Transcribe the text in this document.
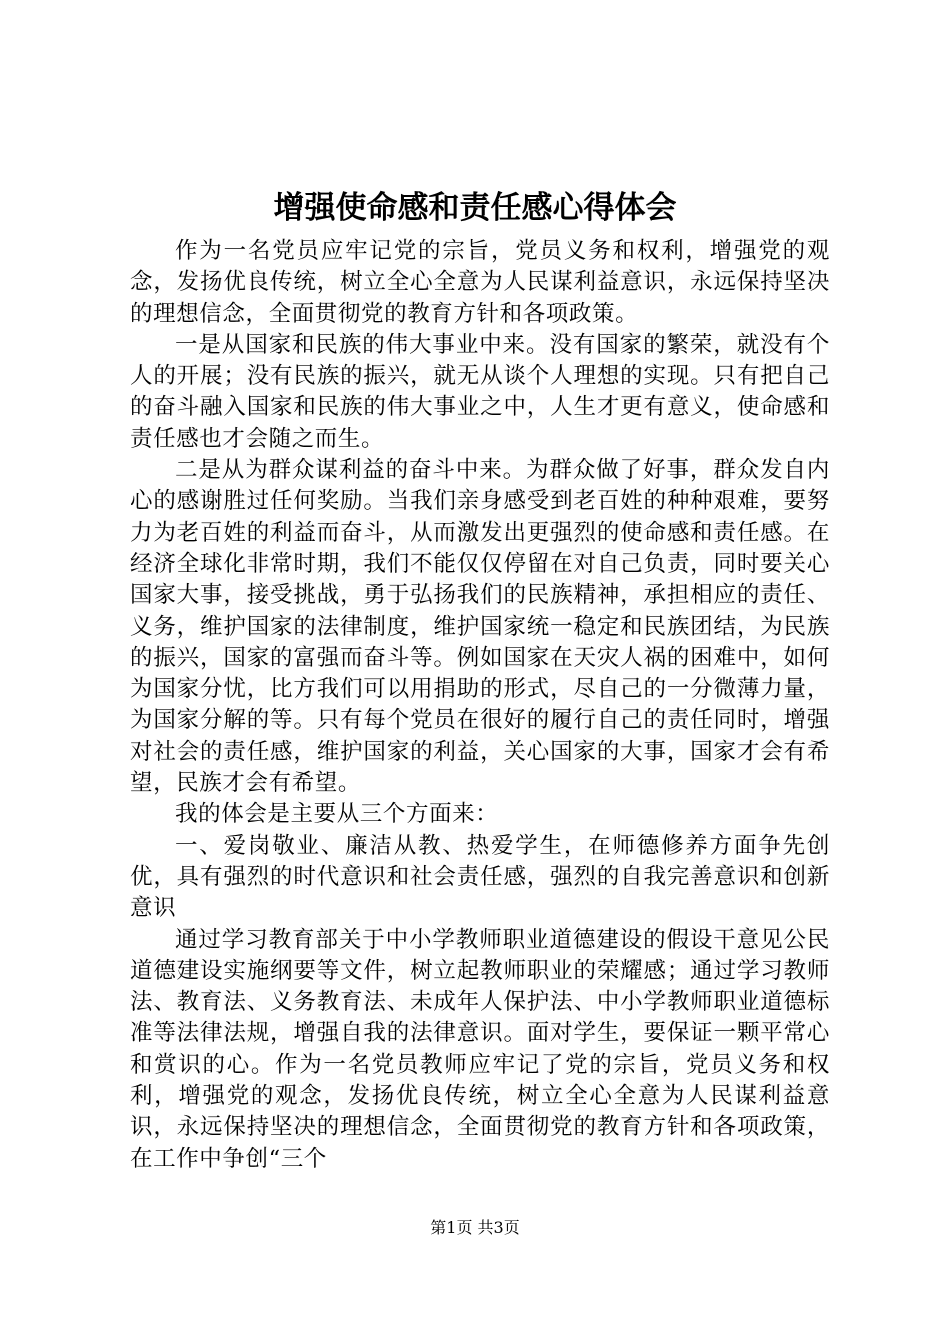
增强使命感和责任感心得体会

作为一名党员应牢记党的宗旨，党员义务和权利，增强党的观念，发扬优良传统，树立全心全意为人民谋利益意识，永远保持坚决的理想信念，全面贯彻党的教育方针和各项政策。

一是从国家和民族的伟大事业中来。没有国家的繁荣，就没有个人的开展；没有民族的振兴，就无从谈个人理想的实现。只有把自己的奋斗融入国家和民族的伟大事业之中，人生才更有意义，使命感和责任感也才会随之而生。

二是从为群众谋利益的奋斗中来。为群众做了好事，群众发自内心的感谢胜过任何奖励。当我们亲身感受到老百姓的种种艰难，要努力为老百姓的利益而奋斗，从而激发出更强烈的使命感和责任感。在经济全球化非常时期，我们不能仅仅停留在对自己负责，同时要关心国家大事，接受挑战，勇于弘扬我们的民族精神，承担相应的责任、义务，维护国家的法律制度，维护国家统一稳定和民族团结，为民族的振兴，国家的富强而奋斗等。例如国家在天灾人祸的困难中，如何为国家分忧，比方我们可以用捐助的形式，尽自己的一分微薄力量，为国家分解的等。只有每个党员在很好的履行自己的责任同时，增强对社会的责任感，维护国家的利益，关心国家的大事，国家才会有希望，民族才会有希望。

我的体会是主要从三个方面来：

一、爱岗敬业、廉洁从教、热爱学生，在师德修养方面争先创优，具有强烈的时代意识和社会责任感，强烈的自我完善意识和创新意识

通过学习教育部关于中小学教师职业道德建设的假设干意见公民道德建设实施纲要等文件，树立起教师职业的荣耀感；通过学习教师法、教育法、义务教育法、未成年人保护法、中小学教师职业道德标准等法律法规，增强自我的法律意识。面对学生，要保证一颗平常心和赏识的心。作为一名党员教师应牢记了党的宗旨，党员义务和权利，增强党的观念，发扬优良传统，树立全心全意为人民谋利益意识，永远保持坚决的理想信念，全面贯彻党的教育方针和各项政策，在工作中争创“三个

第1页 共3页
